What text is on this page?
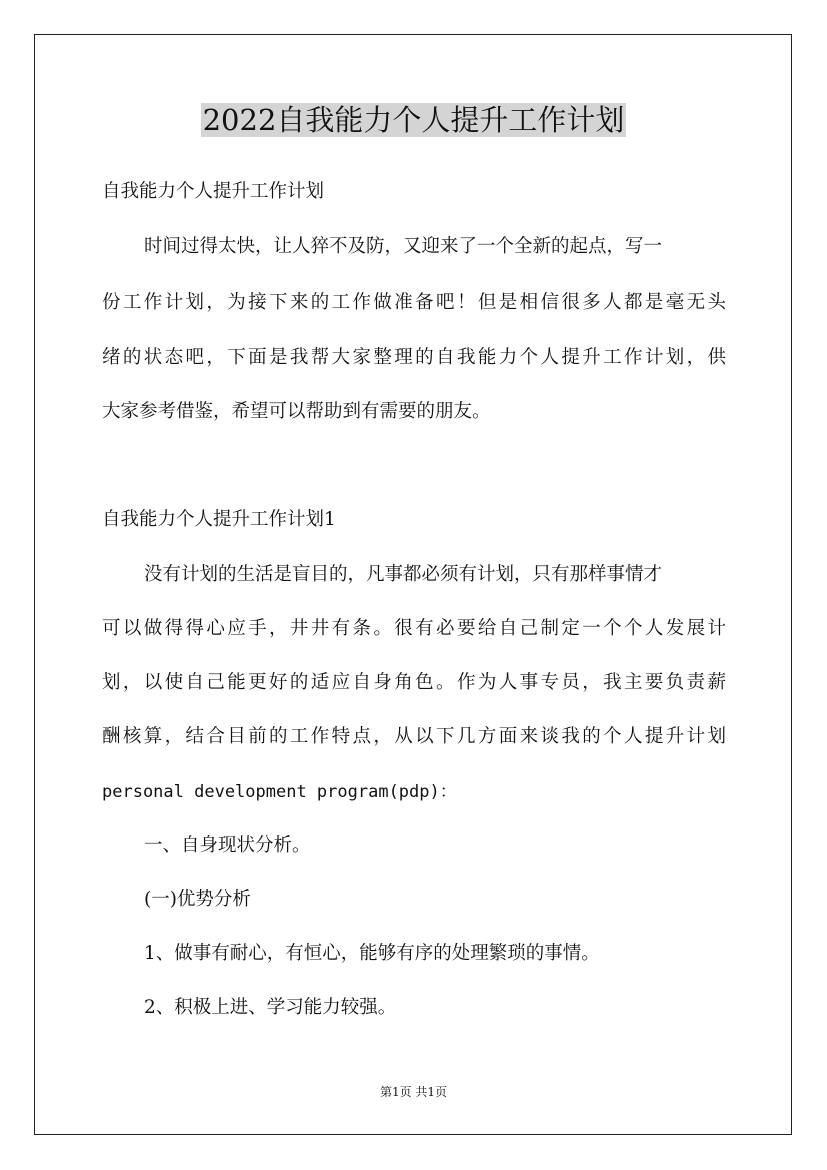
2022自我能力个人提升工作计划

自我能力个人提升工作计划

时间过得太快，让人猝不及防，又迎来了一个全新的起点，写一

份工作计划，为接下来的工作做准备吧！但是相信很多人都是毫无头

绪的状态吧，下面是我帮大家整理的自我能力个人提升工作计划，供

大家参考借鉴，希望可以帮助到有需要的朋友。

自我能力个人提升工作计划1

没有计划的生活是盲目的，凡事都必须有计划，只有那样事情才

可以做得得心应手，井井有条。很有必要给自己制定一个个人发展计

划，以使自己能更好的适应自身角色。作为人事专员，我主要负责薪

酬核算，结合目前的工作特点，从以下几方面来谈我的个人提升计划

personal development program(pdp)：

一、自身现状分析。

(一)优势分析

1、做事有耐心，有恒心，能够有序的处理繁琐的事情。

2、积极上进、学习能力较强。

第1页 共1页
